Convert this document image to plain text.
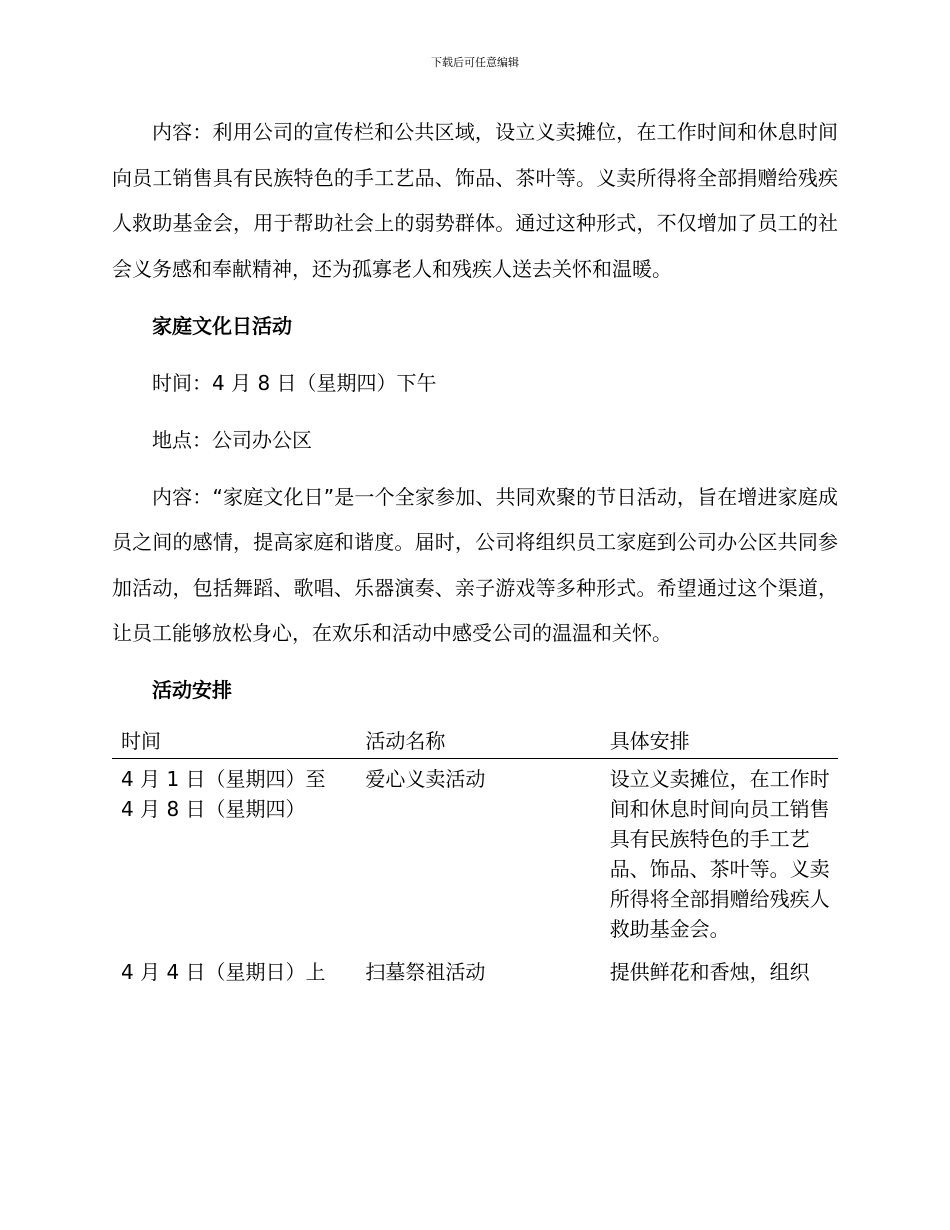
下载后可任意编辑

内容：利用公司的宣传栏和公共区域，设立义卖摊位，在工作时间和休息时间向员工销售具有民族特色的手工艺品、饰品、茶叶等。义卖所得将全部捐赠给残疾人救助基金会，用于帮助社会上的弱势群体。通过这种形式，不仅增加了员工的社会义务感和奉献精神，还为孤寡老人和残疾人送去关怀和温暖。

家庭文化日活动

时间：4 月 8 日（星期四）下午

地点：公司办公区

内容：“家庭文化日”是一个全家参加、共同欢聚的节日活动，旨在增进家庭成员之间的感情，提高家庭和谐度。届时，公司将组织员工家庭到公司办公区共同参加活动，包括舞蹈、歌唱、乐器演奏、亲子游戏等多种形式。希望通过这个渠道，让员工能够放松身心，在欢乐和活动中感受公司的温温和关怀。

活动安排

时间	活动名称	具体安排
4 月 1 日（星期四）至
4 月 8 日（星期四）	爱心义卖活动	设立义卖摊位，在工作时间和休息时间向员工销售具有民族特色的手工艺品、饰品、茶叶等。义卖所得将全部捐赠给残疾人救助基金会。
4 月 4 日（星期日）上	扫墓祭祖活动	提供鲜花和香烛，组织
